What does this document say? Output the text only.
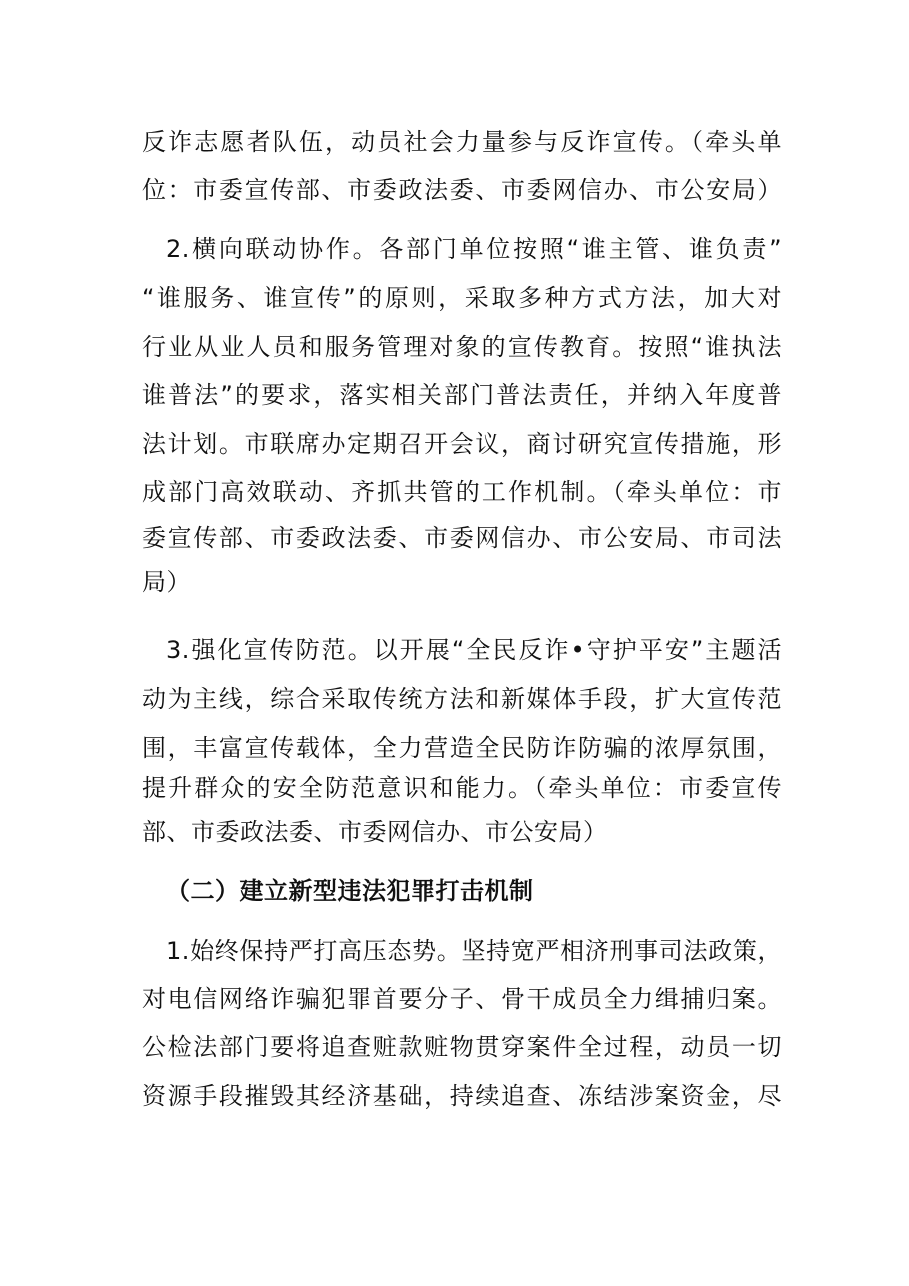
反诈志愿者队伍，动员社会力量参与反诈宣传。（牵头单
位：市委宣传部、市委政法委、市委网信办、市公安局）
2.横向联动协作。各部门单位按照“谁主管、谁负责”
“谁服务、谁宣传”的原则，采取多种方式方法，加大对
行业从业人员和服务管理对象的宣传教育。按照“谁执法
谁普法”的要求，落实相关部门普法责任，并纳入年度普
法计划。市联席办定期召开会议，商讨研究宣传措施，形
成部门高效联动、齐抓共管的工作机制。（牵头单位：市
委宣传部、市委政法委、市委网信办、市公安局、市司法
局）
3.强化宣传防范。以开展“全民反诈•守护平安”主题活
动为主线，综合采取传统方法和新媒体手段，扩大宣传范
围，丰富宣传载体，全力营造全民防诈防骗的浓厚氛围，
提升群众的安全防范意识和能力。（牵头单位：市委宣传
部、市委政法委、市委网信办、市公安局）
（二）建立新型违法犯罪打击机制
1.始终保持严打高压态势。坚持宽严相济刑事司法政策，
对电信网络诈骗犯罪首要分子、骨干成员全力缉捕归案。
公检法部门要将追查赃款赃物贯穿案件全过程，动员一切
资源手段摧毁其经济基础，持续追查、冻结涉案资金，尽
